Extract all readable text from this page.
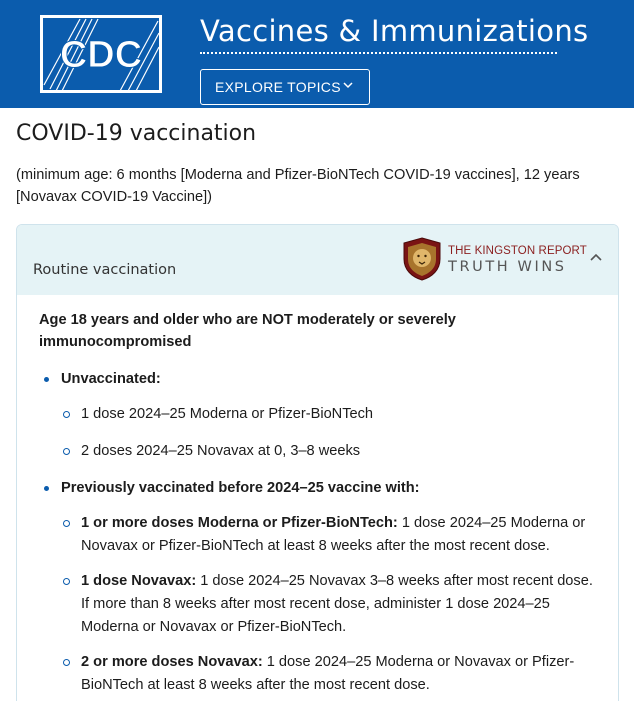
CDC
Vaccines & Immunizations
EXPLORE TOPICS
COVID-19 vaccination
(minimum age: 6 months [Moderna and Pfizer-BioNTech COVID-19 vaccines], 12 years [Novavax COVID-19 Vaccine])
Routine vaccination
THE KINGSTON REPORT
TRUTH WINS
Age 18 years and older who are NOT moderately or severely immunocompromised
Unvaccinated:
1 dose 2024–25 Moderna or Pfizer-BioNTech
2 doses 2024–25 Novavax at 0, 3–8 weeks
Previously vaccinated before 2024–25 vaccine with:
1 or more doses Moderna or Pfizer-BioNTech: 1 dose 2024–25 Moderna or Novavax or Pfizer-BioNTech at least 8 weeks after the most recent dose.
1 dose Novavax: 1 dose 2024–25 Novavax 3–8 weeks after most recent dose. If more than 8 weeks after most recent dose, administer 1 dose 2024–25 Moderna or Novavax or Pfizer-BioNTech.
2 or more doses Novavax: 1 dose 2024–25 Moderna or Novavax or Pfizer-BioNTech at least 8 weeks after the most recent dose.
